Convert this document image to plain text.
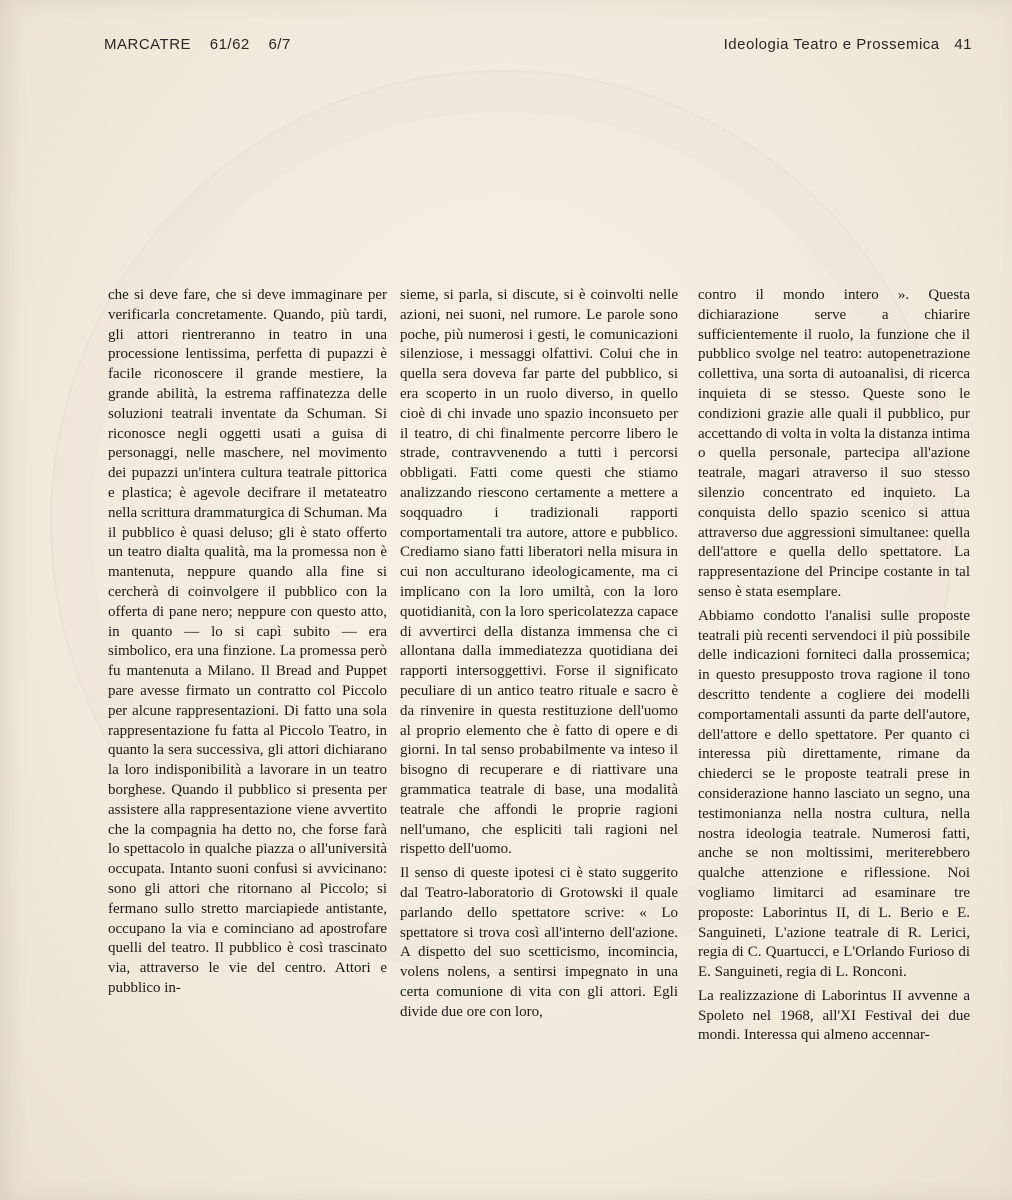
MARCATRE 61/62 6/7	Ideologia Teatro e Prossemica 41

che si deve fare, che si deve immaginare per verificarla concretamente. Quando, più tardi, gli attori rientreranno in teatro in una processione lentissima, perfetta di pupazzi è facile riconoscere il grande mestiere, la grande abilità, la estrema raffinatezza delle soluzioni teatrali inventate da Schuman. Si riconosce negli oggetti usati a guisa di personaggi, nelle maschere, nel movimento dei pupazzi un'intera cultura teatrale pittorica e plastica; è agevole decifrare il metateatro nella scrittura drammaturgica di Schuman. Ma il pubblico è quasi deluso; gli è stato offerto un teatro dialta qualità, ma la promessa non è mantenuta, neppure quando alla fine si cercherà di coinvolgere il pubblico con la offerta di pane nero; neppure con questo atto, in quanto — lo si capì subito — era simbolico, era una finzione. La promessa però fu mantenuta a Milano. Il Bread and Puppet pare avesse firmato un contratto col Piccolo per alcune rappresentazioni. Di fatto una sola rappresentazione fu fatta al Piccolo Teatro, in quanto la sera successiva, gli attori dichiarano la loro indisponibilità a lavorare in un teatro borghese. Quando il pubblico si presenta per assistere alla rappresentazione viene avvertito che la compagnia ha detto no, che forse farà lo spettacolo in qualche piazza o all'università occupata. Intanto suoni confusi si avvicinano: sono gli attori che ritornano al Piccolo; si fermano sullo stretto marciapiede antistante, occupano la via e cominciano ad apostrofare quelli del teatro. Il pubblico è così trascinato via, attraverso le vie del centro. Attori e pubblico in-

sieme, si parla, si discute, si è coinvolti nelle azioni, nei suoni, nel rumore. Le parole sono poche, più numerosi i gesti, le comunicazioni silenziose, i messaggi olfattivi. Colui che in quella sera doveva far parte del pubblico, si era scoperto in un ruolo diverso, in quello cioè di chi invade uno spazio inconsueto per il teatro, di chi finalmente percorre libero le strade, contravvenendo a tutti i percorsi obbligati. Fatti come questi che stiamo analizzando riescono certamente a mettere a soqquadro i tradizionali rapporti comportamentali tra autore, attore e pubblico. Crediamo siano fatti liberatori nella misura in cui non acculturano ideologicamente, ma ci implicano con la loro umiltà, con la loro quotidianità, con la loro spericolatezza capace di avvertirci della distanza immensa che ci allontana dalla immediatezza quotidiana dei rapporti intersoggettivi. Forse il significato peculiare di un antico teatro rituale e sacro è da rinvenire in questa restituzione dell'uomo al proprio elemento che è fatto di opere e di giorni. In tal senso probabilmente va inteso il bisogno di recuperare e di riattivare una grammatica teatrale di base, una modalità teatrale che affondi le proprie ragioni nell'umano, che espliciti tali ragioni nel rispetto dell'uomo.

Il senso di queste ipotesi ci è stato suggerito dal Teatro-laboratorio di Grotowski il quale parlando dello spettatore scrive: « Lo spettatore si trova così all'interno dell'azione. A dispetto del suo scetticismo, incomincia, volens nolens, a sentirsi impegnato in una certa comunione di vita con gli attori. Egli divide due ore con loro,

contro il mondo intero ». Questa dichiarazione serve a chiarire sufficientemente il ruolo, la funzione che il pubblico svolge nel teatro: autopenetrazione collettiva, una sorta di autoanalisi, di ricerca inquieta di se stesso. Queste sono le condizioni grazie alle quali il pubblico, pur accettando di volta in volta la distanza intima o quella personale, partecipa all'azione teatrale, magari atraverso il suo stesso silenzio concentrato ed inquieto. La conquista dello spazio scenico si attua attraverso due aggressioni simultanee: quella dell'attore e quella dello spettatore. La rappresentazione del Principe costante in tal senso è stata esemplare.

Abbiamo condotto l'analisi sulle proposte teatrali più recenti servendoci il più possibile delle indicazioni forniteci dalla prossemica; in questo presupposto trova ragione il tono descritto tendente a cogliere dei modelli comportamentali assunti da parte dell'autore, dell'attore e dello spettatore. Per quanto ci interessa più direttamente, rimane da chiederci se le proposte teatrali prese in considerazione hanno lasciato un segno, una testimonianza nella nostra cultura, nella nostra ideologia teatrale. Numerosi fatti, anche se non moltissimi, meriterebbero qualche attenzione e riflessione. Noi vogliamo limitarci ad esaminare tre proposte: Laborintus II, di L. Berio e E. Sanguineti, L'azione teatrale di R. Lerici, regia di C. Quartucci, e L'Orlando Furioso di E. Sanguineti, regia di L. Ronconi.

La realizzazione di Laborintus II avvenne a Spoleto nel 1968, all'XI Festival dei due mondi. Interessa qui almeno accennar-
